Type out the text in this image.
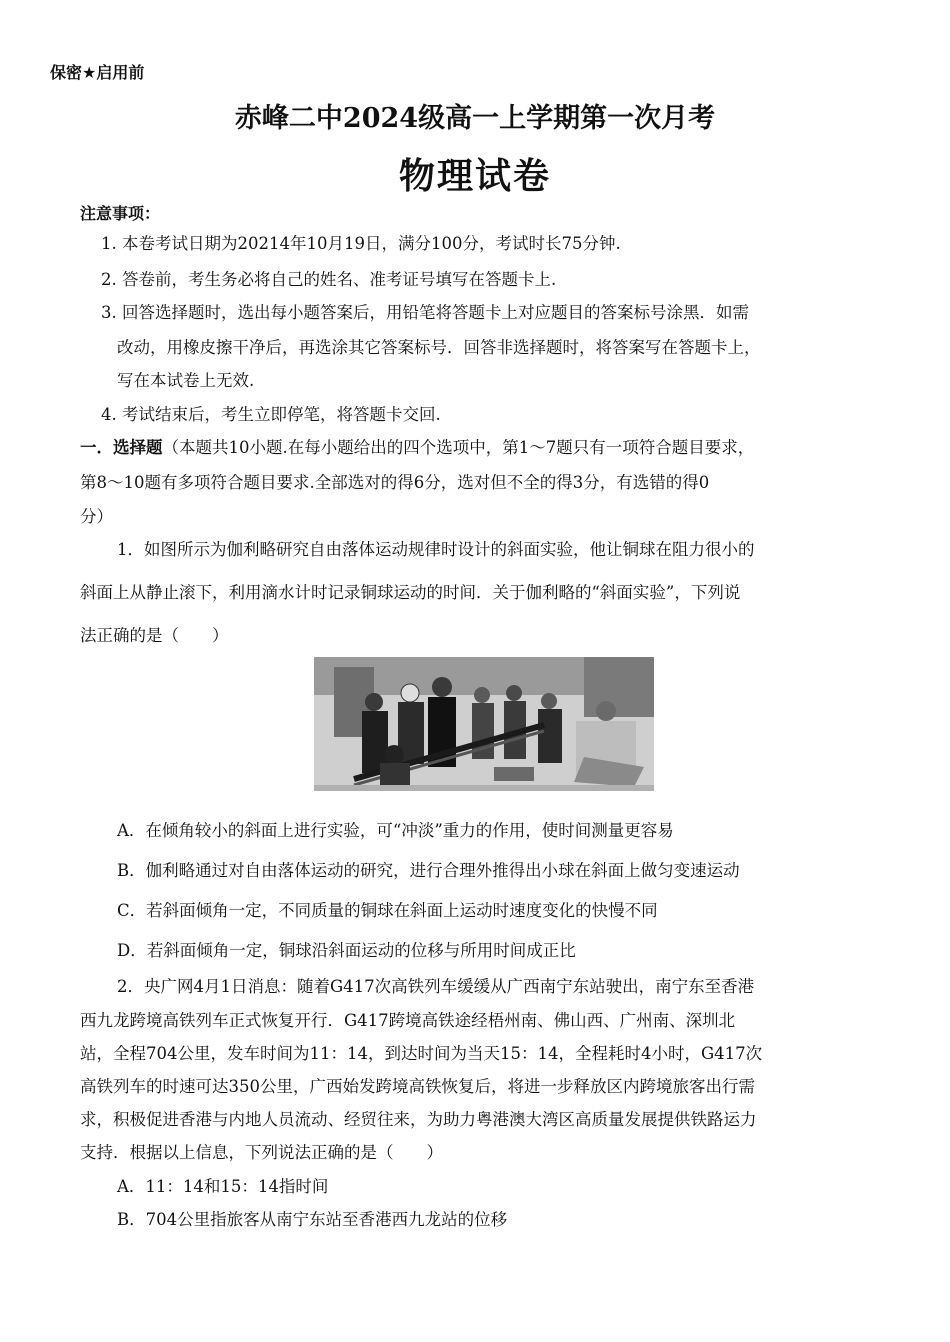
保密★启用前
赤峰二中2024级高一上学期第一次月考
物理试卷
注意事项：
1. 本卷考试日期为20214年10月19日，满分100分，考试时长75分钟.
2. 答卷前，考生务必将自己的姓名、准考证号填写在答题卡上.
3. 回答选择题时，选出每小题答案后，用铅笔将答题卡上对应题目的答案标号涂黑．如需
改动，用橡皮擦干净后，再选涂其它答案标号．回答非选择题时，将答案写在答题卡上，
写在本试卷上无效.
4. 考试结束后，考生立即停笔，将答题卡交回.
一．选择题（本题共10小题.在每小题给出的四个选项中，第1～7题只有一项符合题目要求，
第8～10题有多项符合题目要求.全部选对的得6分，选对但不全的得3分，有选错的得0
分）
1．如图所示为伽利略研究自由落体运动规律时设计的斜面实验，他让铜球在阻力很小的
斜面上从静止滚下，利用滴水计时记录铜球运动的时间．关于伽利略的“斜面实验”，下列说
法正确的是（　　）
A．在倾角较小的斜面上进行实验，可“冲淡”重力的作用，使时间测量更容易
B．伽利略通过对自由落体运动的研究，进行合理外推得出小球在斜面上做匀变速运动
C．若斜面倾角一定，不同质量的铜球在斜面上运动时速度变化的快慢不同
D．若斜面倾角一定，铜球沿斜面运动的位移与所用时间成正比
2．央广网4月1日消息：随着G417次高铁列车缓缓从广西南宁东站驶出，南宁东至香港
西九龙跨境高铁列车正式恢复开行．G417跨境高铁途经梧州南、佛山西、广州南、深圳北
站，全程704公里，发车时间为11：14，到达时间为当天15：14，全程耗时4小时，G417次
高铁列车的时速可达350公里，广西始发跨境高铁恢复后，将进一步释放区内跨境旅客出行需
求，积极促进香港与内地人员流动、经贸往来，为助力粤港澳大湾区高质量发展提供铁路运力
支持．根据以上信息，下列说法正确的是（　　）
A．11：14和15：14指时间
B．704公里指旅客从南宁东站至香港西九龙站的位移
